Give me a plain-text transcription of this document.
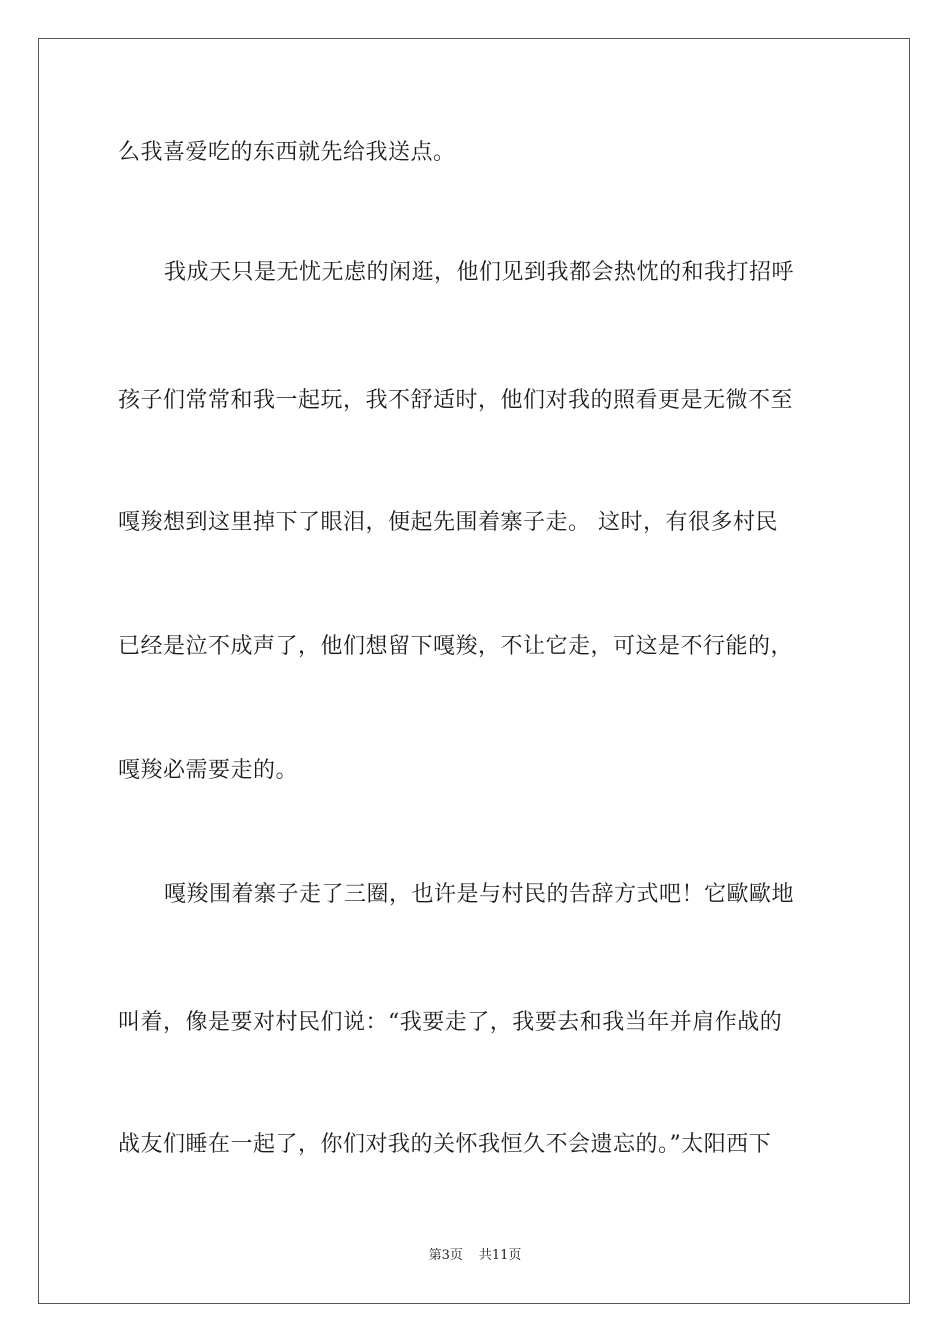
么我喜爱吃的东西就先给我送点。
我成天只是无忧无虑的闲逛，他们见到我都会热忱的和我打招呼
孩子们常常和我一起玩，我不舒适时，他们对我的照看更是无微不至
嘎羧想到这里掉下了眼泪，便起先围着寨子走。 这时，有很多村民
已经是泣不成声了，他们想留下嘎羧，不让它走，可这是不行能的，
嘎羧必需要走的。
嘎羧围着寨子走了三圈，也许是与村民的告辞方式吧！它歐歐地
叫着，像是要对村民们说：“我要走了，我要去和我当年并肩作战的
战友们睡在一起了，你们对我的关怀我恒久不会遗忘的。”太阳西下
第3页 共11页
